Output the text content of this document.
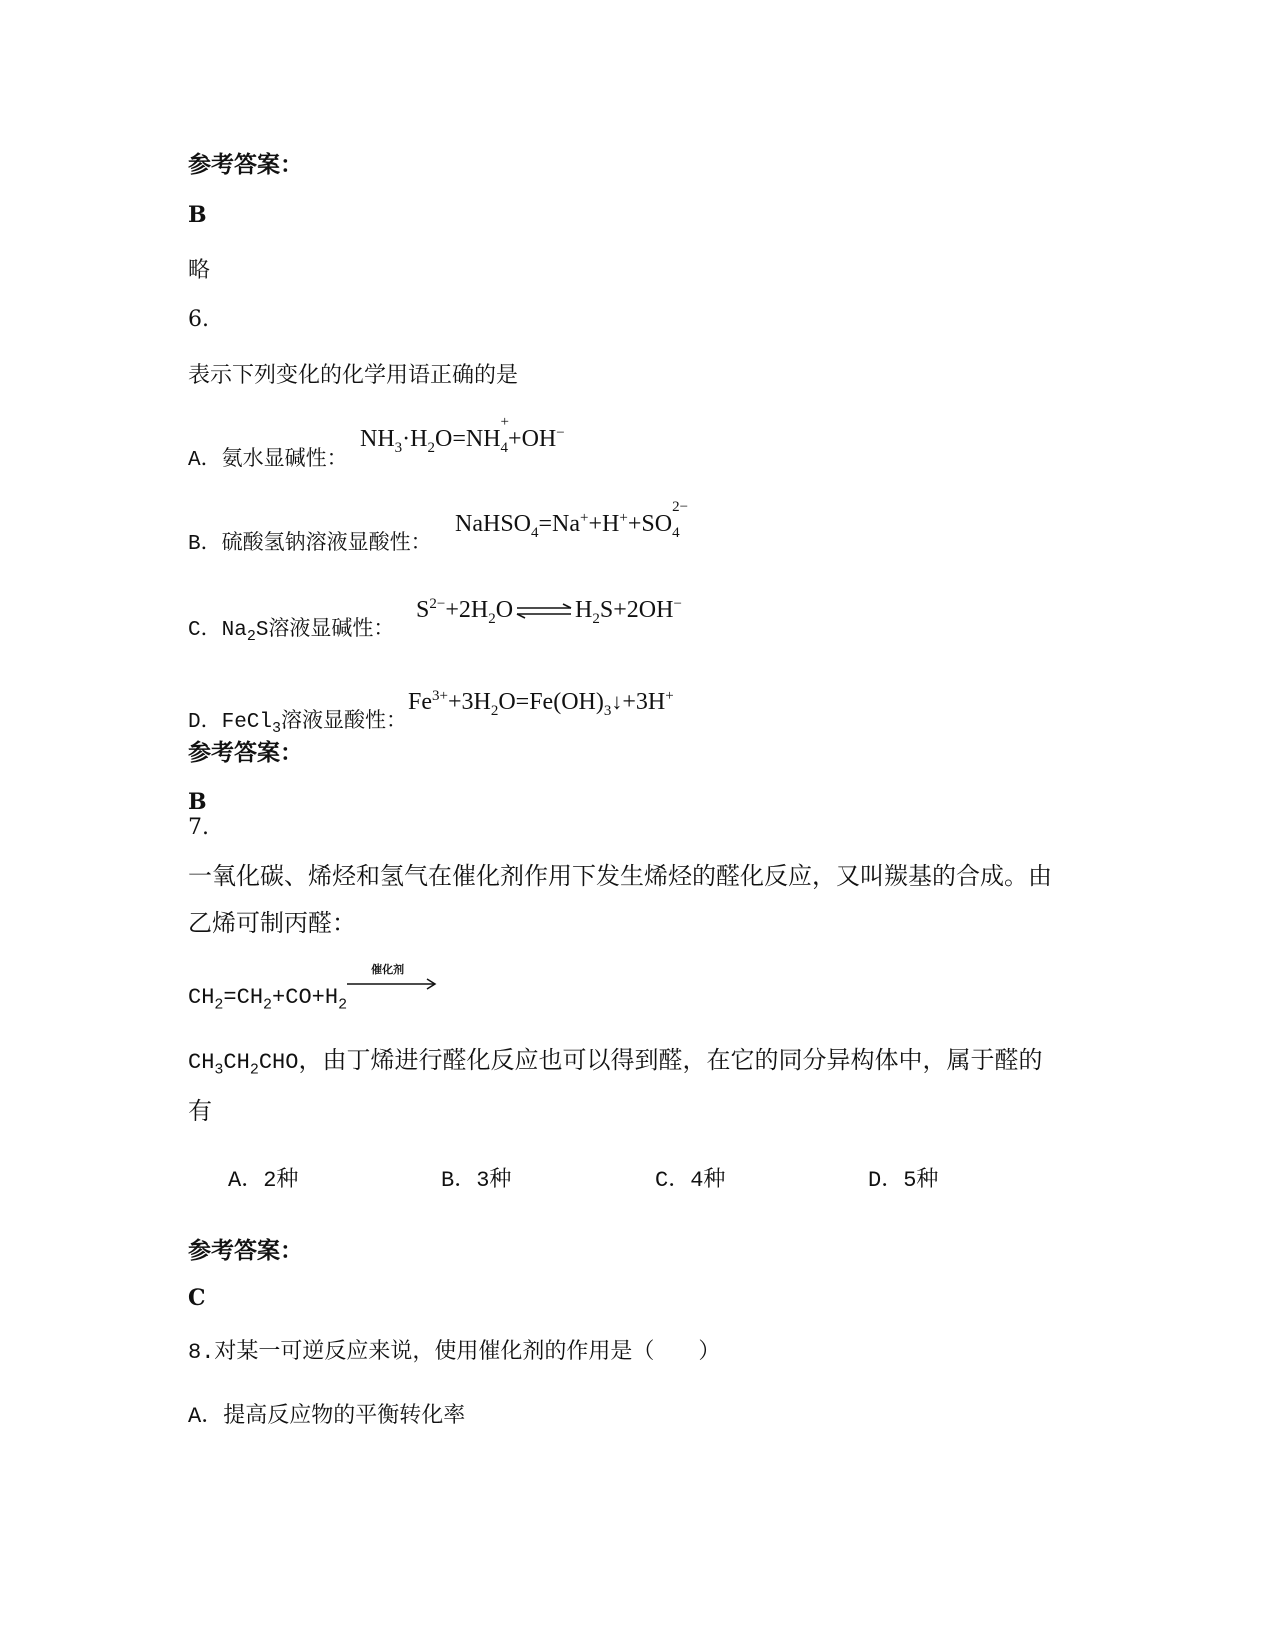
参考答案：
B
略
6.
表示下列变化的化学用语正确的是
A．氨水显碱性：
$NH_3\cdot H_2O=NH$
+
$_4$+OH−
B．硫酸氢钠溶液显酸性：
NaHSO$_4$=Na++H++SO
2−
$_4$
C．$Na_2S$溶液显碱性：
$S^{2-}+2H_2O\rightleftharpoons H_2S+2OH^-$
D．FeCl$_3$溶液显酸性：
$Fe^{3+}+3H_2O=Fe(OH)_3↓+3H^+$
参考答案：
B
7.
一氧化碳、烯烃和氢气在催化剂作用下发生烯烃的醛化反应，又叫羰基的合成。由
乙烯可制丙醛：
$CH_2=CH_2+CO+H_2$
催化剂
$CH_3CH_2CHO$，由丁烯进行醛化反应也可以得到醛，在它的同分异构体中，属于醛的
有
A．2种	B．3种	C．4种	D．5种
参考答案：
C
8.对某一可逆反应来说，使用催化剂的作用是（　　）
A．提高反应物的平衡转化率
